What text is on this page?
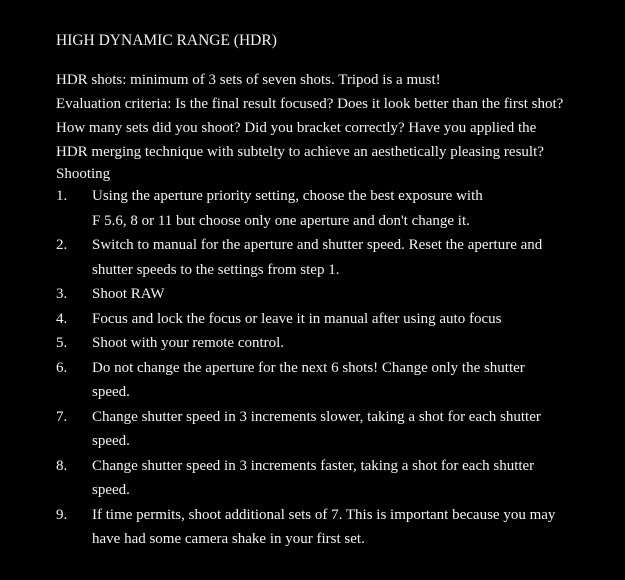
HIGH DYNAMIC RANGE (HDR)

HDR shots: minimum of 3 sets of seven shots. Tripod is a must!

Evaluation criteria: Is the final result focused? Does it look better than the first shot?

How many sets did you shoot? Did you bracket correctly? Have you applied the

HDR merging technique with subtelty to achieve an aesthetically pleasing result?

Shooting
1. Using the aperture priority setting, choose the best exposure with
F 5.6, 8 or 11 but choose only one aperture and don't change it.
2. Switch to manual for the aperture and shutter speed. Reset the aperture and
shutter speeds to the settings from step 1.
3. Shoot RAW
4. Focus and lock the focus or leave it in manual after using auto focus
5. Shoot with your remote control.
6. Do not change the aperture for the next 6 shots! Change only the shutter
speed.
7. Change shutter speed in 3 increments slower, taking a shot for each shutter
speed.
8. Change shutter speed in 3 increments faster, taking a shot for each shutter
speed.
9. If time permits, shoot additional sets of 7. This is important because you may
have had some camera shake in your first set.
